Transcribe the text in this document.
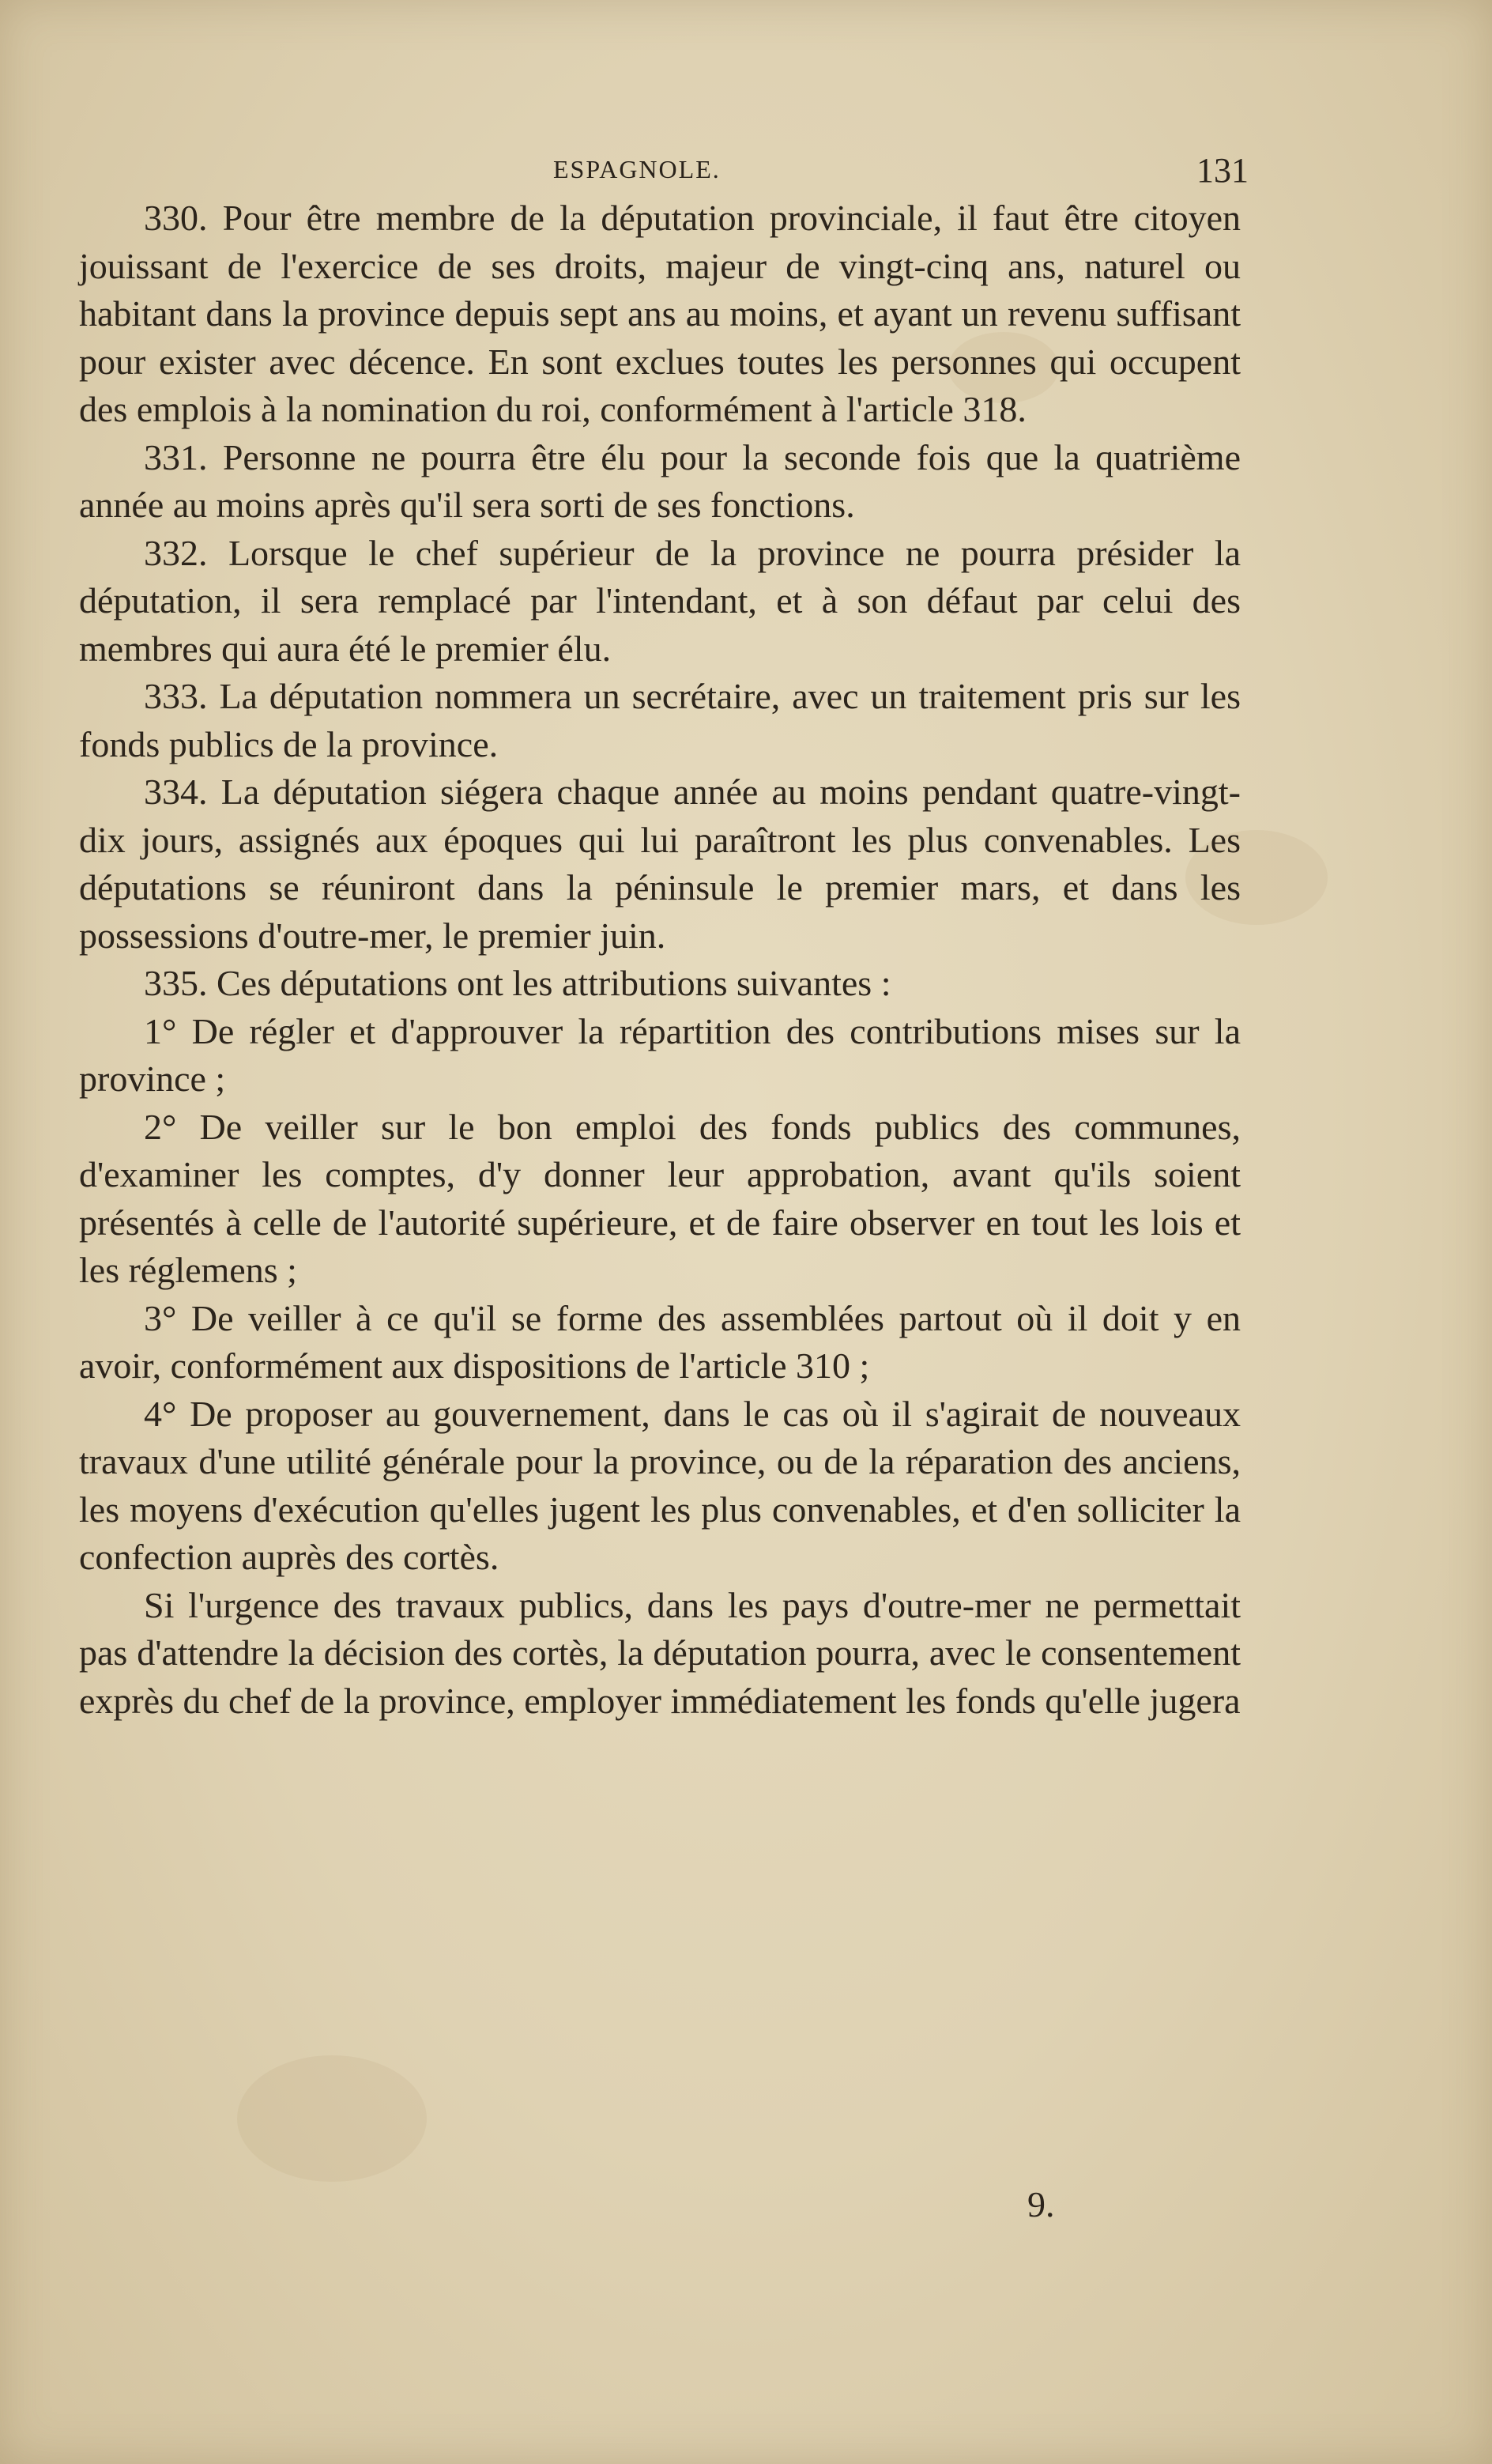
ESPAGNOLE.	131

330. Pour être membre de la députation provinciale, il faut être citoyen jouissant de l'exercice de ses droits, majeur de vingt-cinq ans, naturel ou habitant dans la province depuis sept ans au moins, et ayant un revenu suffisant pour exister avec décence. En sont exclues toutes les personnes qui occupent des emplois à la nomination du roi, conformément à l'article 318.

331. Personne ne pourra être élu pour la seconde fois que la quatrième année au moins après qu'il sera sorti de ses fonctions.

332. Lorsque le chef supérieur de la province ne pourra présider la députation, il sera remplacé par l'intendant, et à son défaut par celui des membres qui aura été le premier élu.

333. La députation nommera un secrétaire, avec un traitement pris sur les fonds publics de la province.

334. La députation siégera chaque année au moins pendant quatre-vingt-dix jours, assignés aux époques qui lui paraîtront les plus convenables. Les députations se réuniront dans la péninsule le premier mars, et dans les possessions d'outre-mer, le premier juin.

335. Ces députations ont les attributions suivantes :

1° De régler et d'approuver la répartition des contributions mises sur la province ;

2° De veiller sur le bon emploi des fonds publics des communes, d'examiner les comptes, d'y donner leur approbation, avant qu'ils soient présentés à celle de l'autorité supérieure, et de faire observer en tout les lois et les réglemens ;

3° De veiller à ce qu'il se forme des assemblées partout où il doit y en avoir, conformément aux dispositions de l'article 310 ;

4° De proposer au gouvernement, dans le cas où il s'agirait de nouveaux travaux d'une utilité générale pour la province, ou de la réparation des anciens, les moyens d'exécution qu'elles jugent les plus convenables, et d'en solliciter la confection auprès des cortès.

Si l'urgence des travaux publics, dans les pays d'outre-mer ne permettait pas d'attendre la décision des cortès, la députation pourra, avec le consentement exprès du chef de la province, employer immédiatement les fonds qu'elle jugera

9.
